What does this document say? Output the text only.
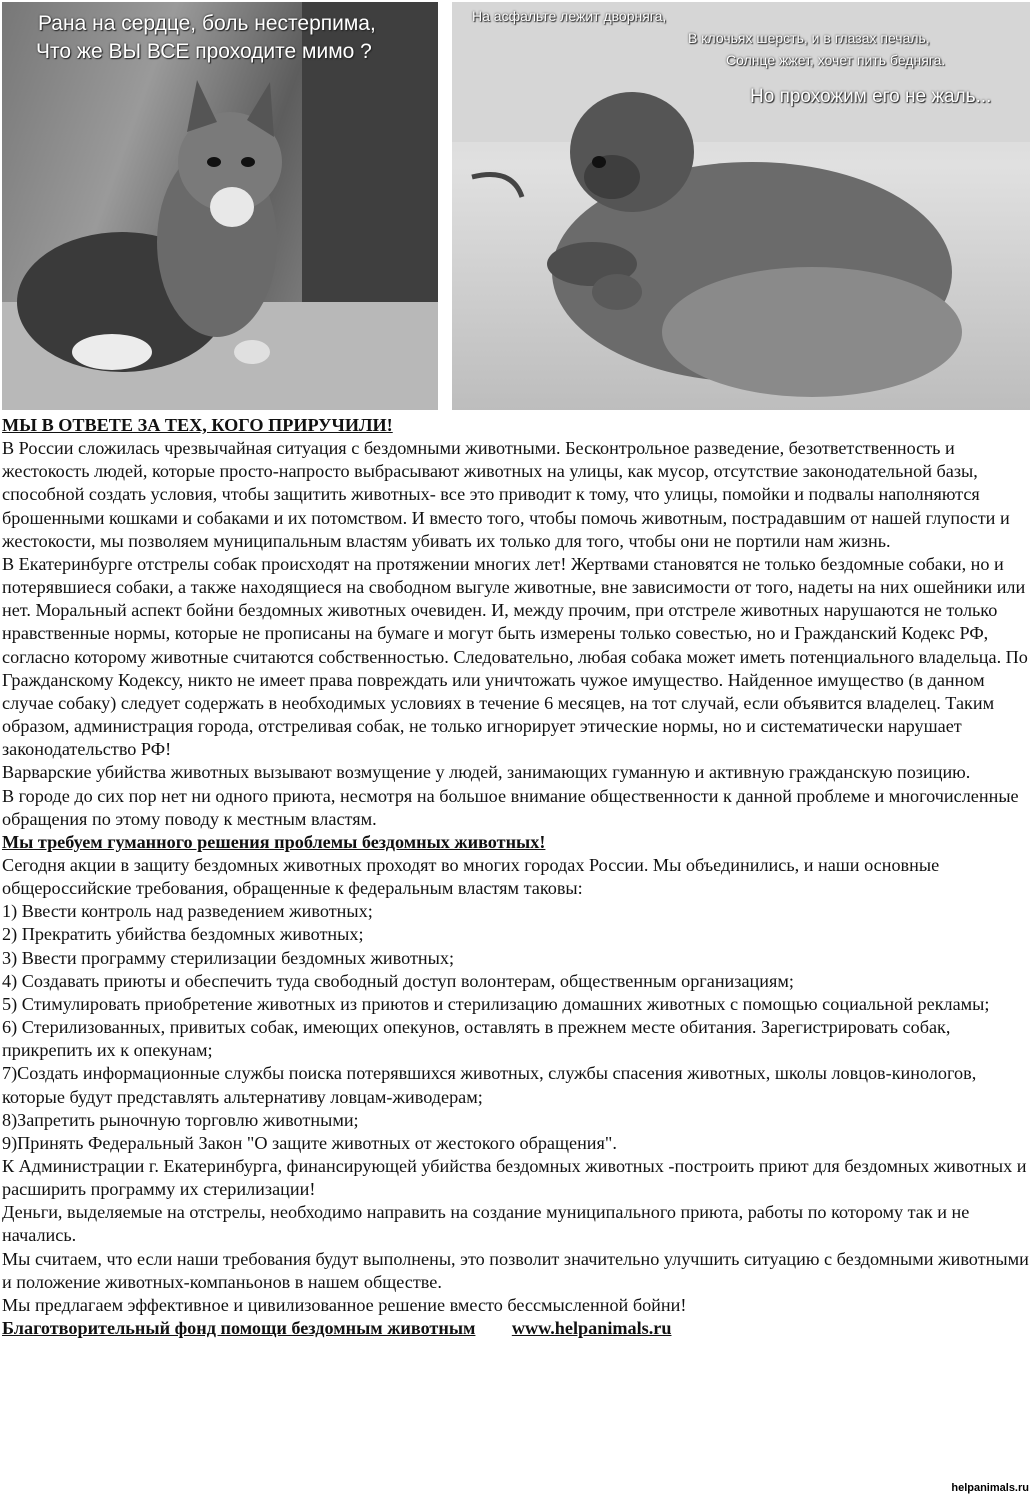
Рана на сердце, боль нестерпима,
Что же ВЫ ВСЕ проходите мимо ?
На асфальте лежит дворняга,
В клочьях шерсть, и в глазах печаль,
Солнце жжет, хочет пить бедняга.
Но прохожим его не жаль...

МЫ В ОТВЕТЕ ЗА ТЕХ, КОГО ПРИРУЧИЛИ!

В России сложилась чрезвычайная ситуация с бездомными животными. Бесконтрольное разведение, безответственность и жестокость людей, которые просто-напросто выбрасывают животных на улицы, как мусор, отсутствие законодательной базы, способной создать условия, чтобы защитить животных- все это приводит к тому, что улицы, помойки и подвалы наполняются брошенными кошками и собаками и их потомством. И вместо того, чтобы помочь животным, пострадавшим от нашей глупости и жестокости, мы позволяем муниципальным властям убивать их только для того, чтобы они не портили нам жизнь.

В Екатеринбурге отстрелы собак происходят на протяжении многих лет! Жертвами становятся не только бездомные собаки, но и потерявшиеся собаки, а также находящиеся на свободном выгуле животные, вне зависимости от того, надеты на них ошейники или нет. Моральный аспект бойни бездомных животных очевиден. И, между прочим, при отстреле животных нарушаются не только нравственные нормы, которые не прописаны на бумаге и могут быть измерены только совестью, но и Гражданский Кодекс РФ, согласно которому животные считаются собственностью. Следовательно, любая собака может иметь потенциального владельца. По Гражданскому Кодексу, никто не имеет права повреждать или уничтожать чужое имущество. Найденное имущество (в данном случае собаку) следует содержать в необходимых условиях в течение 6 месяцев, на тот случай, если объявится владелец. Таким образом, администрация города, отстреливая собак, не только игнорирует этические нормы, но и систематически нарушает законодательство РФ!

Варварские убийства животных вызывают возмущение у людей, занимающих гуманную и активную гражданскую позицию.

В городе до сих пор нет ни одного приюта, несмотря на большое внимание общественности к данной проблеме и многочисленные обращения по этому поводу к местным властям.

Мы требуем гуманного решения проблемы бездомных животных!

Сегодня акции в защиту бездомных животных проходят во многих городах России. Мы объединились, и наши основные общероссийские требования, обращенные к федеральным властям таковы:

1) Ввести контроль над разведением животных;

2) Прекратить убийства бездомных животных;

3) Ввести программу стерилизации бездомных животных;

4) Создавать приюты и обеспечить туда свободный доступ волонтерам, общественным организациям;

5) Стимулировать приобретение животных из приютов и стерилизацию домашних животных с помощью социальной рекламы;

6) Стерилизованных, привитых собак, имеющих опекунов, оставлять в прежнем месте обитания. Зарегистрировать собак, прикрепить их к опекунам;

7)Создать информационные службы поиска потерявшихся животных, службы спасения животных, школы ловцов-кинологов, которые будут представлять альтернативу ловцам-живодерам;

8)Запретить рыночную торговлю животными;

9)Принять Федеральный Закон "О защите животных от жестокого обращения".

К Администрации г. Екатеринбурга, финансирующей убийства бездомных животных -построить приют для бездомных животных и расширить программу их стерилизации!

Деньги, выделяемые на отстрелы, необходимо направить на создание муниципального приюта, работы по которому так и не начались.

Мы считаем, что если наши требования будут выполнены, это позволит значительно улучшить ситуацию с бездомными животными и положение животных-компаньонов в нашем обществе.

Мы предлагаем эффективное и цивилизованное решение вместо бессмысленной бойни!

Благотворительный фонд помощи бездомным животным www.helpanimals.ru

helpanimals.ru
